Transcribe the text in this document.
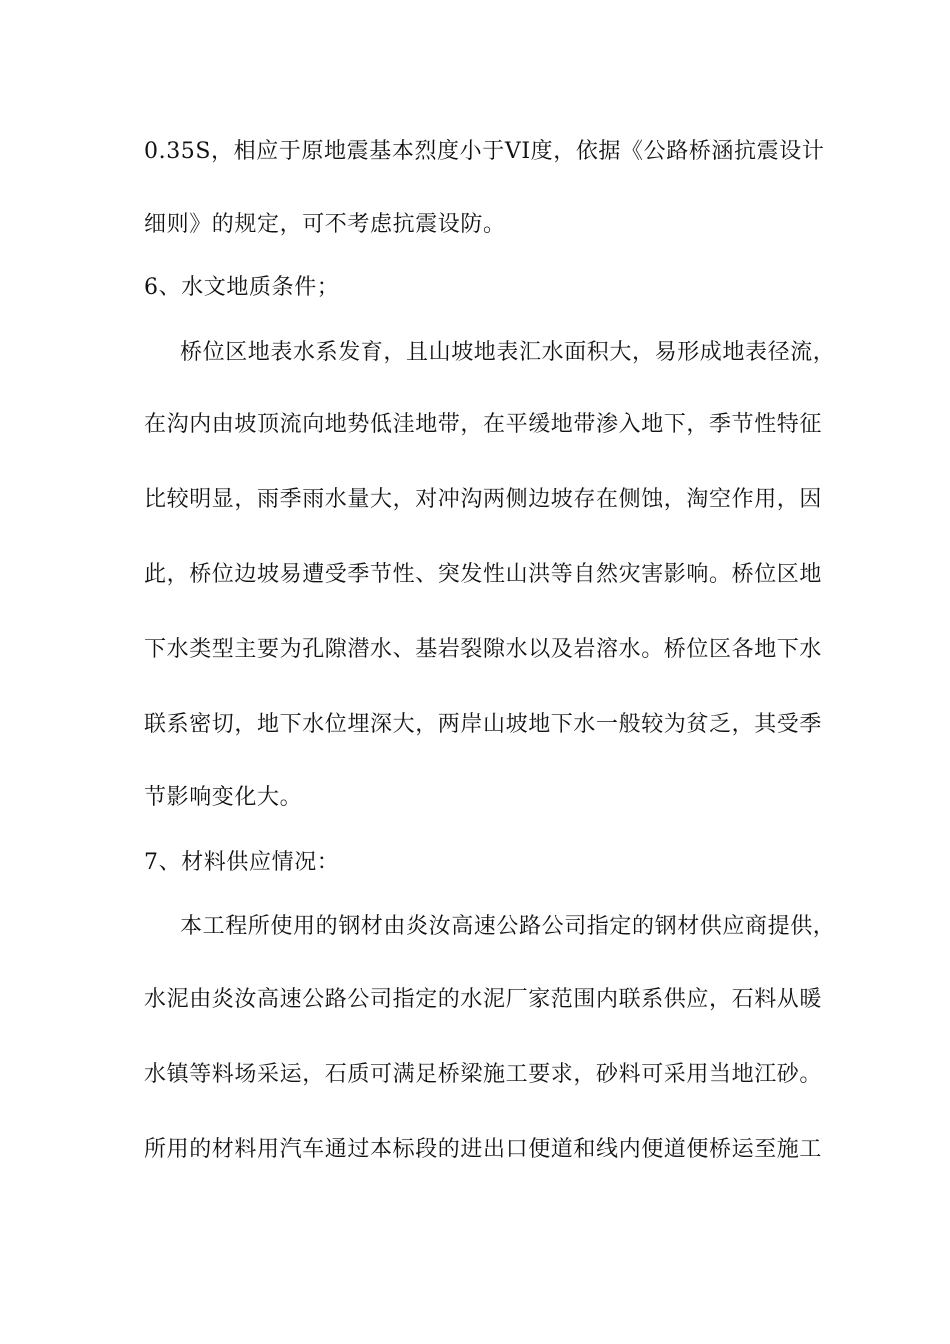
0.35S，相应于原地震基本烈度小于VI度，依据《公路桥涵抗震设计
细则》的规定，可不考虑抗震设防。
6、水文地质条件；
桥位区地表水系发育，且山坡地表汇水面积大，易形成地表径流，
在沟内由坡顶流向地势低洼地带，在平缓地带渗入地下，季节性特征
比较明显，雨季雨水量大，对冲沟两侧边坡存在侧蚀，淘空作用，因
此，桥位边坡易遭受季节性、突发性山洪等自然灾害影响。桥位区地
下水类型主要为孔隙潜水、基岩裂隙水以及岩溶水。桥位区各地下水
联系密切，地下水位埋深大，两岸山坡地下水一般较为贫乏，其受季
节影响变化大。
7、材料供应情况：
本工程所使用的钢材由炎汝高速公路公司指定的钢材供应商提供，
水泥由炎汝高速公路公司指定的水泥厂家范围内联系供应，石料从暖
水镇等料场采运，石质可满足桥梁施工要求，砂料可采用当地江砂。
所用的材料用汽车通过本标段的进出口便道和线内便道便桥运至施工
